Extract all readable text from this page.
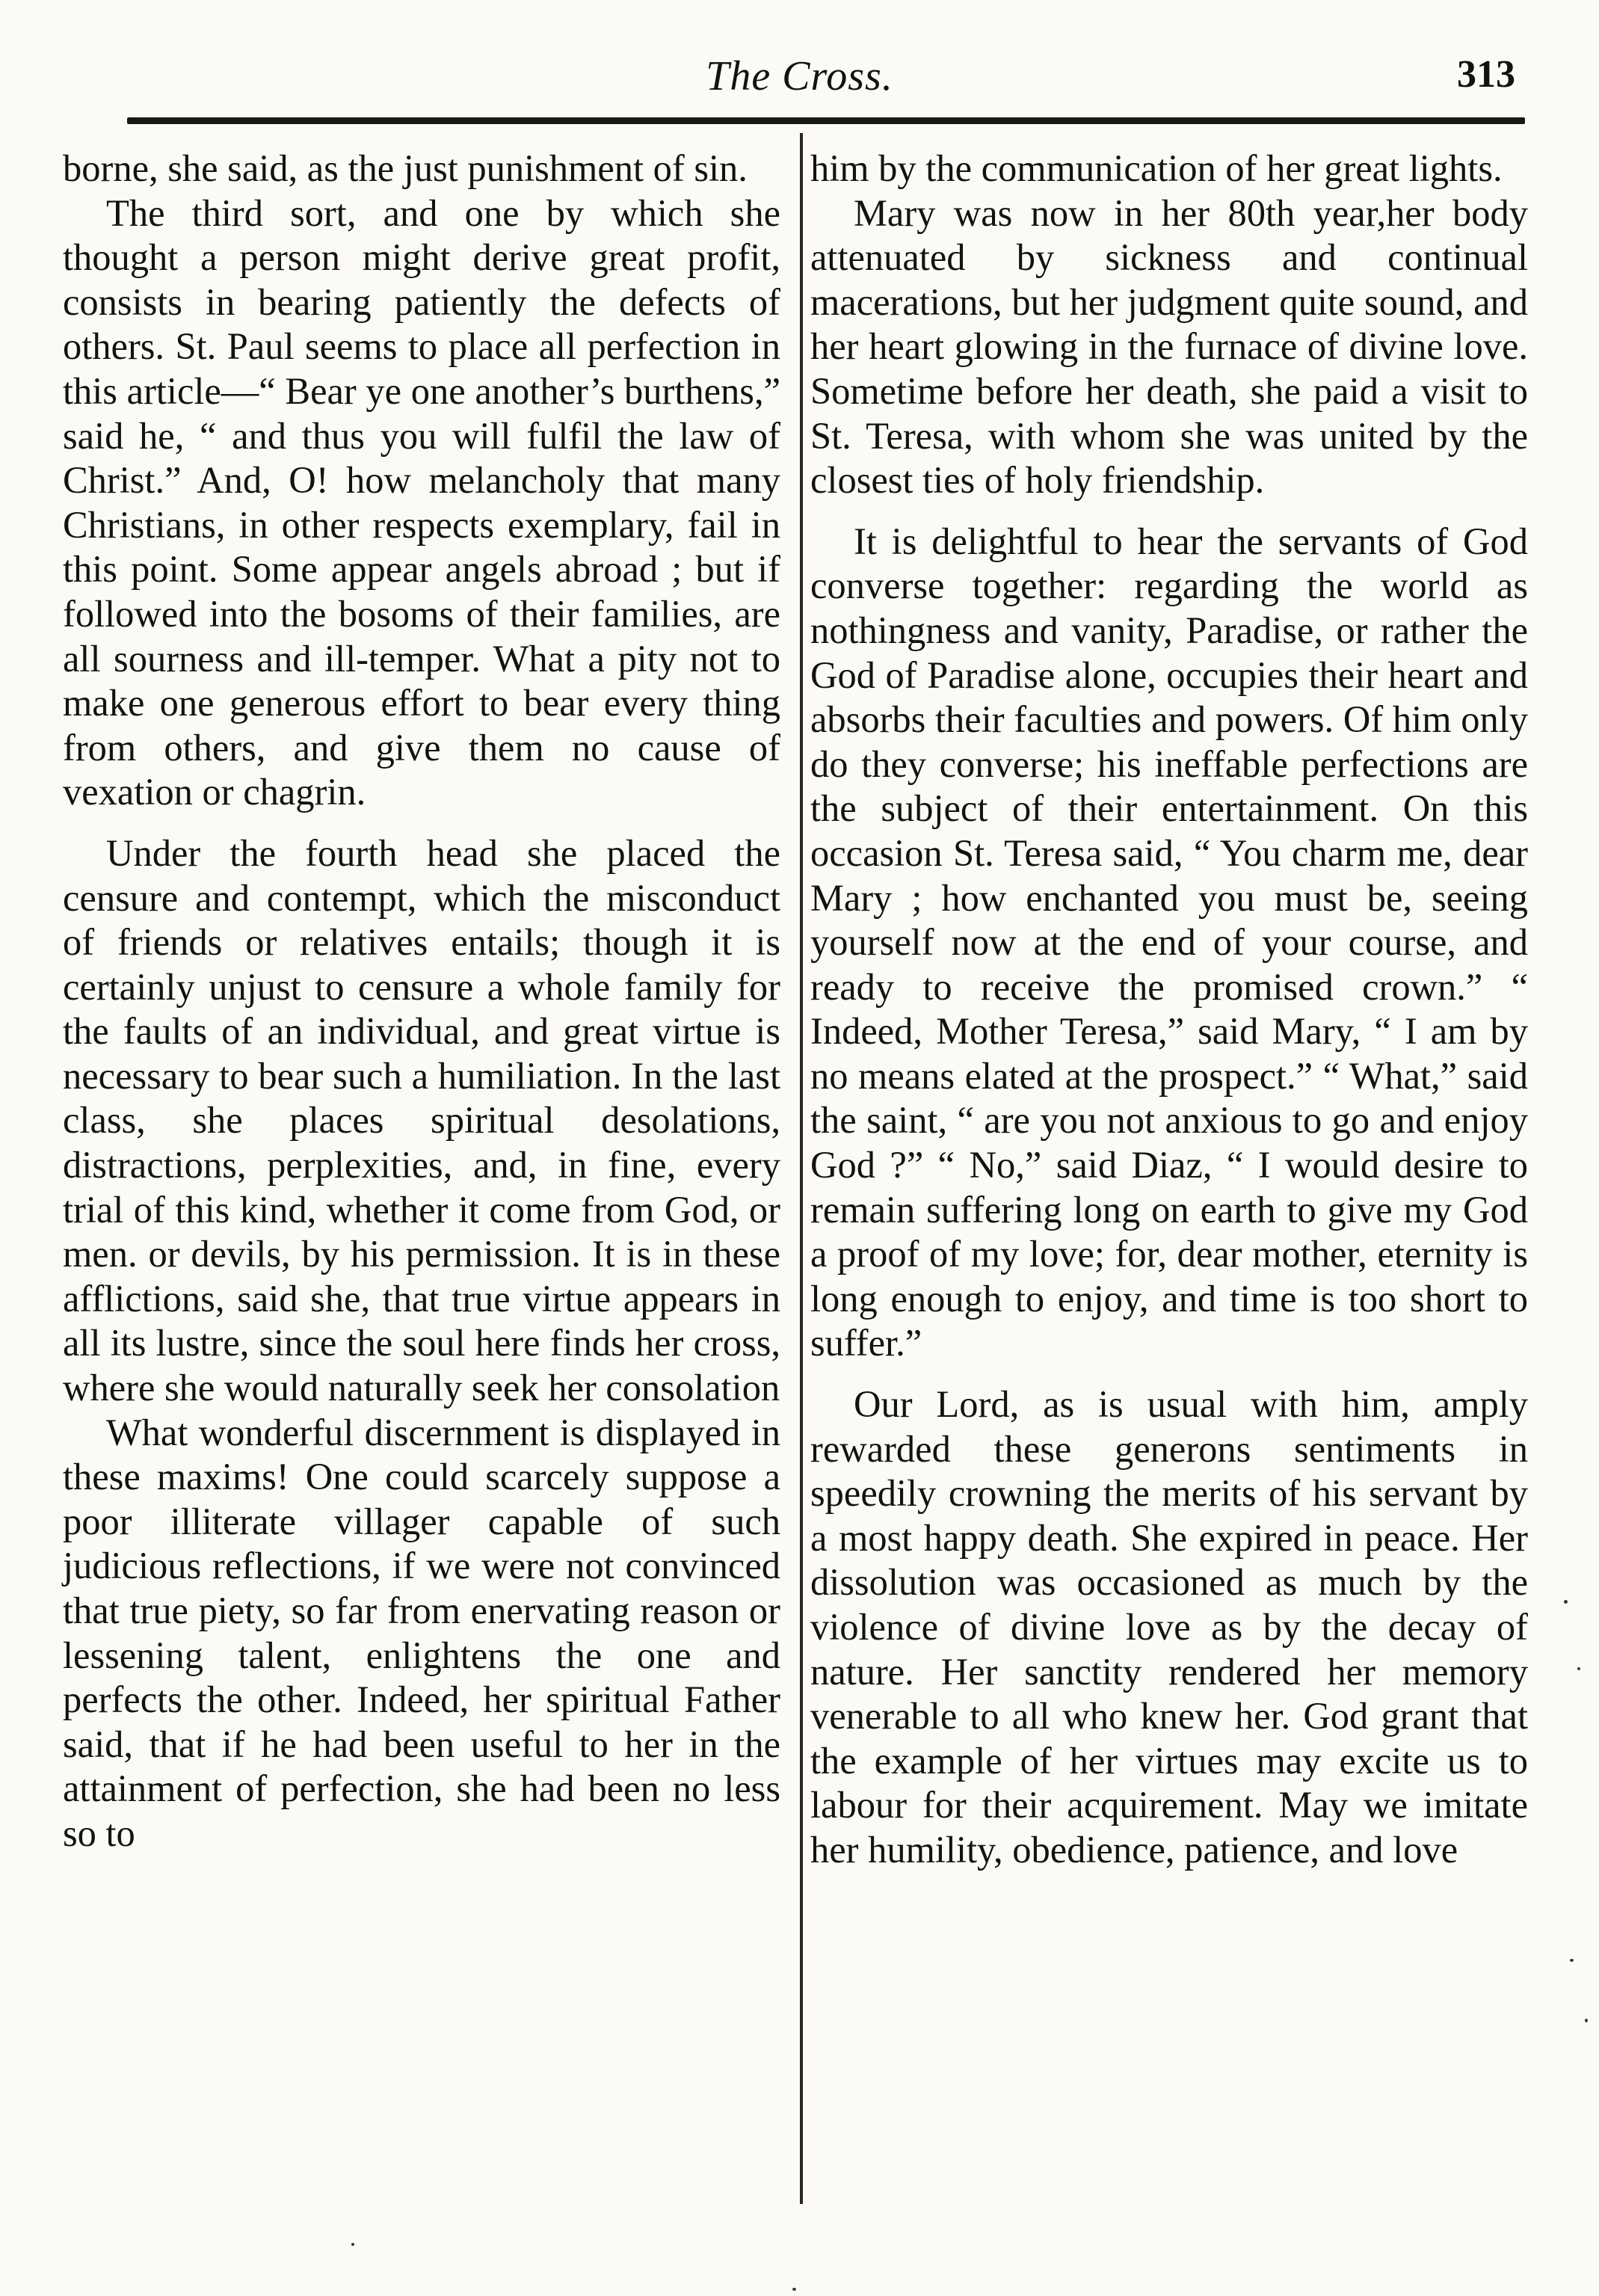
The Cross.	313

borne, she said, as the just punishment of sin.

The third sort, and one by which she thought a person might derive great profit, consists in bearing patiently the defects of others. St. Paul seems to place all perfection in this article—“ Bear ye one another’s burthens,” said he, “ and thus you will fulfil the law of Christ.” And, O! how melancholy that many Christians, in other respects exemplary, fail in this point. Some appear angels abroad ; but if followed into the bosoms of their families, are all sourness and ill-temper. What a pity not to make one generous effort to bear every thing from others, and give them no cause of vexation or chagrin.

Under the fourth head she placed the censure and contempt, which the misconduct of friends or relatives entails; though it is certainly unjust to censure a whole family for the faults of an individual, and great virtue is necessary to bear such a humiliation. In the last class, she places spiritual desolations, distractions, perplexities, and, in fine, every trial of this kind, whether it come from God, or men. or devils, by his permission. It is in these afflictions, said she, that true virtue appears in all its lustre, since the soul here finds her cross, where she would naturally seek her consolation

What wonderful discernment is displayed in these maxims! One could scarcely suppose a poor illiterate villager capable of such judicious reflections, if we were not convinced that true piety, so far from enervating reason or lessening talent, enlightens the one and perfects the other. Indeed, her spiritual Father said, that if he had been useful to her in the attainment of perfection, she had been no less so to

him by the communication of her great lights.

Mary was now in her 80th year,her body attenuated by sickness and continual macerations, but her judgment quite sound, and her heart glowing in the furnace of divine love. Sometime before her death, she paid a visit to St. Teresa, with whom she was united by the closest ties of holy friendship.

It is delightful to hear the servants of God converse together: regarding the world as nothingness and vanity, Paradise, or rather the God of Paradise alone, occupies their heart and absorbs their faculties and powers. Of him only do they converse; his ineffable perfections are the subject of their entertainment. On this occasion St. Teresa said, “ You charm me, dear Mary ; how enchanted you must be, seeing yourself now at the end of your course, and ready to receive the promised crown.” “ Indeed, Mother Teresa,” said Mary, “ I am by no means elated at the prospect.” “ What,” said the saint, “ are you not anxious to go and enjoy God ?” “ No,” said Diaz, “ I would desire to remain suffering long on earth to give my God a proof of my love; for, dear mother, eternity is long enough to enjoy, and time is too short to suffer.”

Our Lord, as is usual with him, amply rewarded these generons sentiments in speedily crowning the merits of his servant by a most happy death. She expired in peace. Her dissolution was occasioned as much by the violence of divine love as by the decay of nature. Her sanctity rendered her memory venerable to all who knew her. God grant that the example of her virtues may excite us to labour for their acquirement. May we imitate her humility, obedience, patience, and love
